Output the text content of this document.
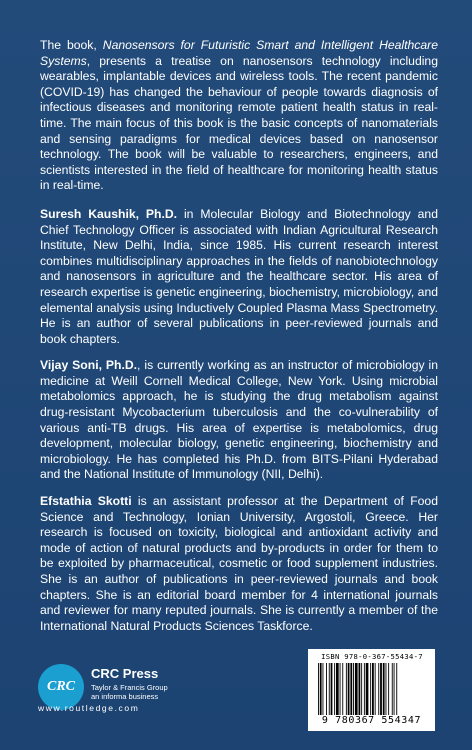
The book, Nanosensors for Futuristic Smart and Intelligent Healthcare Systems, presents a treatise on nanosensors technology including wearables, implantable devices and wireless tools. The recent pandemic (COVID-19) has changed the behaviour of people towards diagnosis of infectious diseases and monitoring remote patient health status in real-time. The main focus of this book is the basic concepts of nanomaterials and sensing paradigms for medical devices based on nanosensor technology. The book will be valuable to researchers, engineers, and scientists interested in the field of healthcare for monitoring health status in real-time.

Suresh Kaushik, Ph.D. in Molecular Biology and Biotechnology and Chief Technology Officer is associated with Indian Agricultural Research Institute, New Delhi, India, since 1985. His current research interest combines multidisciplinary approaches in the fields of nanobiotechnology and nanosensors in agriculture and the healthcare sector. His area of research expertise is genetic engineering, biochemistry, microbiology, and elemental analysis using Inductively Coupled Plasma Mass Spectrometry. He is an author of several publications in peer-reviewed journals and book chapters.

Vijay Soni, Ph.D., is currently working as an instructor of microbiology in medicine at Weill Cornell Medical College, New York. Using microbial metabolomics approach, he is studying the drug metabolism against drug-resistant Mycobacterium tuberculosis and the co-vulnerability of various anti-TB drugs. His area of expertise is metabolomics, drug development, molecular biology, genetic engineering, biochemistry and microbiology. He has completed his Ph.D. from BITS-Pilani Hyderabad and the National Institute of Immunology (NII, Delhi).

Efstathia Skotti is an assistant professor at the Department of Food Science and Technology, Ionian University, Argostoli, Greece. Her research is focused on toxicity, biological and antioxidant activity and mode of action of natural products and by-products in order for them to be exploited by pharmaceutical, cosmetic or food supplement industries. She is an author of publications in peer-reviewed journals and book chapters. She is an editorial board member for 4 international journals and reviewer for many reputed journals. She is currently a member of the International Natural Products Sciences Taskforce.

CRC
CRC Press
Taylor & Francis Group
an informa business
www.routledge.com
ISBN 978-0-367-55434-7
9 780367 554347
